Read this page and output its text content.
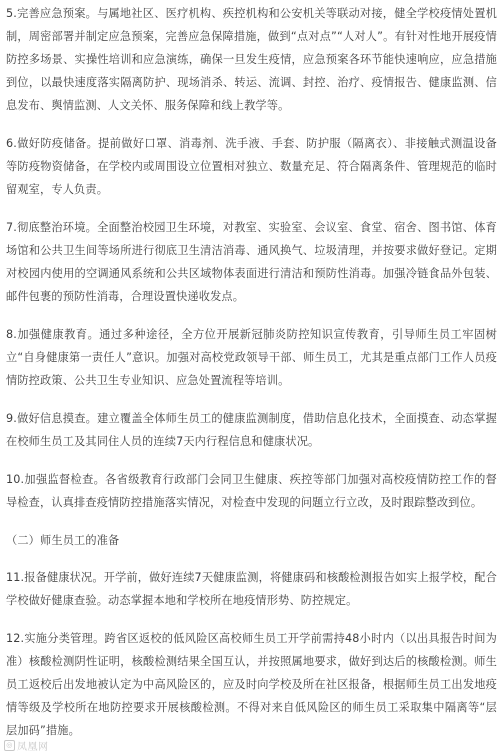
5.完善应急预案。与属地社区、医疗机构、疾控机构和公安机关等联动对接，健全学校疫情处置机制，周密部署并制定应急预案，完善应急保障措施，做到“点对点”“人对人”。有针对性地开展疫情防控多场景、实操性培训和应急演练，确保一旦发生疫情，应急预案各环节能快速响应，应急措施到位，以最快速度落实隔离防护、现场消杀、转运、流调、封控、治疗、疫情报告、健康监测、信息发布、舆情监测、人文关怀、服务保障和线上教学等。

6.做好防疫储备。提前做好口罩、消毒剂、洗手液、手套、防护服（隔离衣）、非接触式测温设备等防疫物资储备，在学校内或周围设立位置相对独立、数量充足、符合隔离条件、管理规范的临时留观室，专人负责。

7.彻底整治环境。全面整治校园卫生环境，对教室、实验室、会议室、食堂、宿舍、图书馆、体育场馆和公共卫生间等场所进行彻底卫生清洁消毒、通风换气、垃圾清理，并按要求做好登记。定期对校园内使用的空调通风系统和公共区域物体表面进行清洁和预防性消毒。加强冷链食品外包装、邮件包裹的预防性消毒，合理设置快递收发点。

8.加强健康教育。通过多种途径，全方位开展新冠肺炎防控知识宣传教育，引导师生员工牢固树立“自身健康第一责任人”意识。加强对高校党政领导干部、师生员工，尤其是重点部门工作人员疫情防控政策、公共卫生专业知识、应急处置流程等培训。

9.做好信息摸查。建立覆盖全体师生员工的健康监测制度，借助信息化技术，全面摸查、动态掌握在校师生员工及其同住人员的连续7天内行程信息和健康状况。

10.加强监督检查。各省级教育行政部门会同卫生健康、疾控等部门加强对高校疫情防控工作的督导检查，认真排查疫情防控措施落实情况，对检查中发现的问题立行立改，及时跟踪整改到位。

（二）师生员工的准备

11.报备健康状况。开学前，做好连续7天健康监测，将健康码和核酸检测报告如实上报学校，配合学校做好健康查验。动态掌握本地和学校所在地疫情形势、防控规定。

12.实施分类管理。跨省区返校的低风险区高校师生员工开学前需持48小时内（以出具报告时间为准）核酸检测阴性证明，核酸检测结果全国互认，并按照属地要求，做好到达后的核酸检测。师生员工返校后出发地被认定为中高风险区的，应及时向学校及所在社区报备，根据师生员工出发地疫情等级及学校所在地防控要求开展核酸检测。不得对来自低风险区的师生员工采取集中隔离等“层层加码”措施。

◎ 凤凰网
